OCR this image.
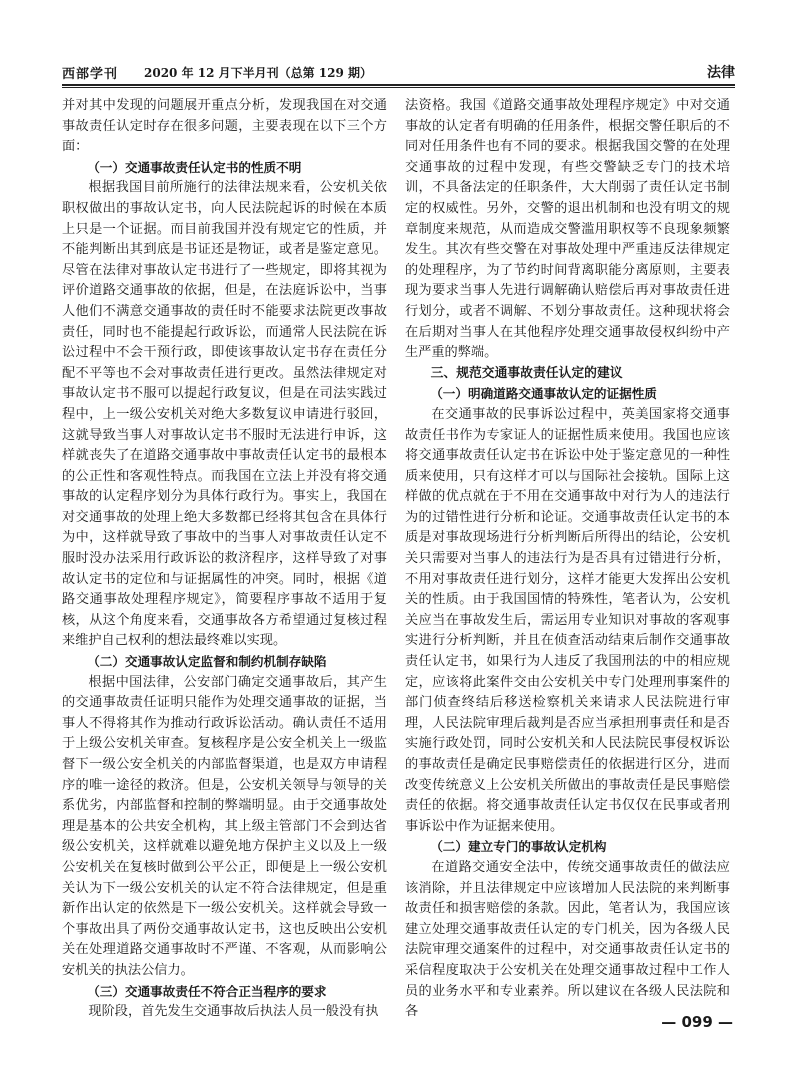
西部学刊 2020 年 12 月下半月刊（总第 129 期）	法律

并对其中发现的问题展开重点分析，发现我国在对交通事故责任认定时存在很多问题，主要表现在以下三个方面：

（一）交通事故责任认定书的性质不明

根据我国目前所施行的法律法规来看，公安机关依职权做出的事故认定书，向人民法院起诉的时候在本质上只是一个证据。而目前我国并没有规定它的性质，并不能判断出其到底是书证还是物证，或者是鉴定意见。尽管在法律对事故认定书进行了一些规定，即将其视为评价道路交通事故的依据，但是，在法庭诉讼中，当事人他们不满意交通事故的责任时不能要求法院更改事故责任，同时也不能提起行政诉讼，而通常人民法院在诉讼过程中不会干预行政，即使该事故认定书存在责任分配不平等也不会对事故责任进行更改。虽然法律规定对事故认定书不服可以提起行政复议，但是在司法实践过程中，上一级公安机关对绝大多数复议申请进行驳回，这就导致当事人对事故认定书不服时无法进行申诉，这样就丧失了在道路交通事故中事故责任认定书的最根本的公正性和客观性特点。而我国在立法上并没有将交通事故的认定程序划分为具体行政行为。事实上，我国在对交通事故的处理上绝大多数都已经将其包含在具体行为中，这样就导致了事故中的当事人对事故责任认定不服时没办法采用行政诉讼的救济程序，这样导致了对事故认定书的定位和与证据属性的冲突。同时，根据《道路交通事故处理程序规定》，简要程序事故不适用于复核，从这个角度来看，交通事故各方希望通过复核过程来维护自己权利的想法最终难以实现。

（二）交通事故认定监督和制约机制存缺陷

根据中国法律，公安部门确定交通事故后，其产生的交通事故责任证明只能作为处理交通事故的证据，当事人不得将其作为推动行政诉讼活动。确认责任不适用于上级公安机关审查。复核程序是公安全机关上一级监督下一级公安全机关的内部监督渠道，也是双方申请程序的唯一途径的救济。但是，公安机关领导与领导的关系优劣，内部监督和控制的弊端明显。由于交通事故处理是基本的公共安全机构，其上级主管部门不会到达省级公安机关，这样就难以避免地方保护主义以及上一级公安机关在复核时做到公平公正，即便是上一级公安机关认为下一级公安机关的认定不符合法律规定，但是重新作出认定的依然是下一级公安机关。这样就会导致一个事故出具了两份交通事故认定书，这也反映出公安机关在处理道路交通事故时不严谨、不客观，从而影响公安机关的执法公信力。

（三）交通事故责任不符合正当程序的要求

现阶段，首先发生交通事故后执法人员一般没有执

法资格。我国《道路交通事故处理程序规定》中对交通事故的认定者有明确的任用条件，根据交警任职后的不同对任用条件也有不同的要求。根据我国交警的在处理交通事故的过程中发现，有些交警缺乏专门的技术培训，不具备法定的任职条件，大大削弱了责任认定书制定的权威性。另外，交警的退出机制和也没有明文的规章制度来规范，从而造成交警滥用职权等不良现象频繁发生。其次有些交警在对事故处理中严重违反法律规定的处理程序，为了节约时间背离职能分离原则，主要表现为要求当事人先进行调解确认赔偿后再对事故责任进行划分，或者不调解、不划分事故责任。这种现状将会在后期对当事人在其他程序处理交通事故侵权纠纷中产生严重的弊端。

三、规范交通事故责任认定的建议

（一）明确道路交通事故认定的证据性质

在交通事故的民事诉讼过程中，英美国家将交通事故责任书作为专家证人的证据性质来使用。我国也应该将交通事故责任认定书在诉讼中处于鉴定意见的一种性质来使用，只有这样才可以与国际社会接轨。国际上这样做的优点就在于不用在交通事故中对行为人的违法行为的过错性进行分析和论证。交通事故责任认定书的本质是对事故现场进行分析判断后所得出的结论，公安机关只需要对当事人的违法行为是否具有过错进行分析，不用对事故责任进行划分，这样才能更大发挥出公安机关的性质。由于我国国情的特殊性，笔者认为，公安机关应当在事故发生后，需运用专业知识对事故的客观事实进行分析判断，并且在侦查活动结束后制作交通事故责任认定书，如果行为人违反了我国刑法的中的相应规定，应该将此案件交由公安机关中专门处理刑事案件的部门侦查终结后移送检察机关来请求人民法院进行审理，人民法院审理后裁判是否应当承担刑事责任和是否实施行政处罚，同时公安机关和人民法院民事侵权诉讼的事故责任是确定民事赔偿责任的依据进行区分，进而改变传统意义上公安机关所做出的事故责任是民事赔偿责任的依据。将交通事故责任认定书仅仅在民事或者刑事诉讼中作为证据来使用。

（二）建立专门的事故认定机构

在道路交通安全法中，传统交通事故责任的做法应该消除，并且法律规定中应该增加人民法院的来判断事故责任和损害赔偿的条款。因此，笔者认为，我国应该建立处理交通事故责任认定的专门机关，因为各级人民法院审理交通案件的过程中，对交通事故责任认定书的采信程度取决于公安机关在处理交通事故过程中工作人员的业务水平和专业素养。所以建议在各级人民法院和各

— 099 —
